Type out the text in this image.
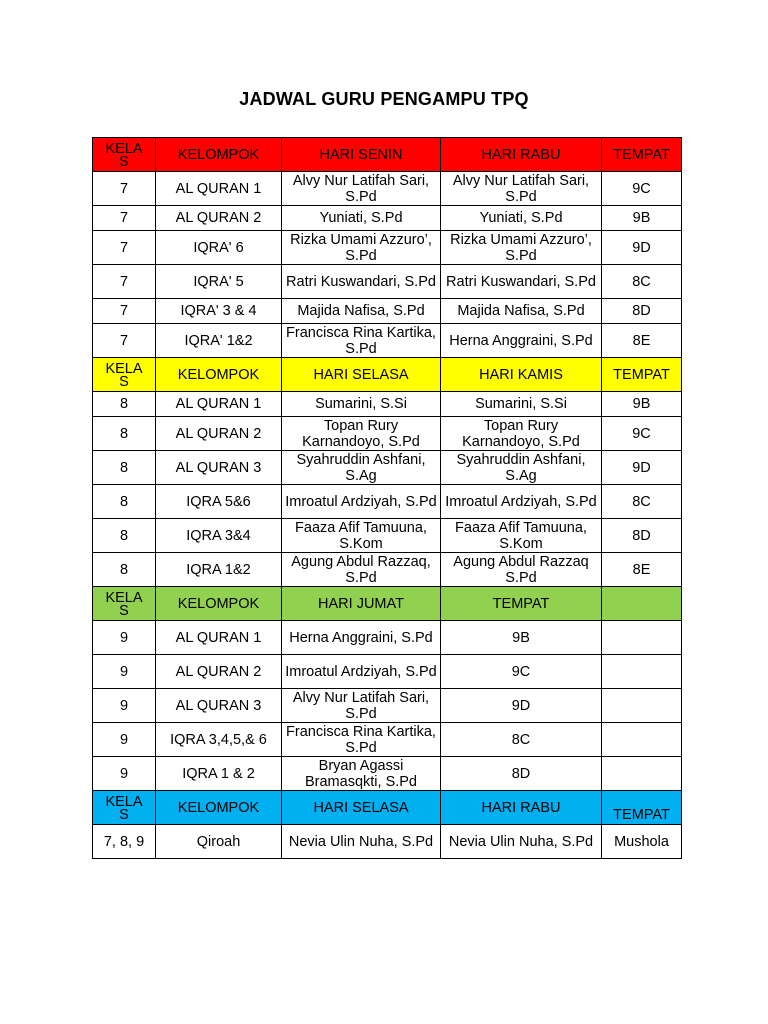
JADWAL GURU PENGAMPU TPQ
KELAS	KELOMPOK	HARI SENIN	HARI RABU	TEMPAT
7	AL QURAN 1	Alvy Nur Latifah Sari, S.Pd	Alvy Nur Latifah Sari, S.Pd	9C
7	AL QURAN 2	Yuniati, S.Pd	Yuniati, S.Pd	9B
7	IQRA' 6	Rizka Umami Azzuro’, S.Pd	Rizka Umami Azzuro’, S.Pd	9D
7	IQRA' 5	Ratri Kuswandari, S.Pd	Ratri Kuswandari, S.Pd	8C
7	IQRA' 3 & 4	Majida Nafisa, S.Pd	Majida Nafisa, S.Pd	8D
7	IQRA' 1&2	Francisca Rina Kartika, S.Pd	Herna Anggraini, S.Pd	8E
KELAS	KELOMPOK	HARI SELASA	HARI KAMIS	TEMPAT
8	AL QURAN 1	Sumarini, S.Si	Sumarini, S.Si	9B
8	AL QURAN 2	Topan Rury Karnandoyo, S.Pd	Topan Rury Karnandoyo, S.Pd	9C
8	AL QURAN 3	Syahruddin Ashfani, S.Ag	Syahruddin Ashfani, S.Ag	9D
8	IQRA 5&6	Imroatul Ardziyah, S.Pd	Imroatul Ardziyah, S.Pd	8C
8	IQRA 3&4	Faaza Afif Tamuuna, S.Kom	Faaza Afif Tamuuna, S.Kom	8D
8	IQRA 1&2	Agung Abdul Razzaq, S.Pd	Agung Abdul Razzaq S.Pd	8E
KELAS	KELOMPOK	HARI JUMAT	TEMPAT	
9	AL QURAN 1	Herna Anggraini, S.Pd	9B	
9	AL QURAN 2	Imroatul Ardziyah, S.Pd	9C	
9	AL QURAN 3	Alvy Nur Latifah Sari, S.Pd	9D	
9	IQRA 3,4,5,& 6	Francisca Rina Kartika, S.Pd	8C	
9	IQRA 1 & 2	Bryan Agassi Bramasqkti, S.Pd	8D	
KELAS	KELOMPOK	HARI SELASA	HARI RABU	TEMPAT
7, 8, 9	Qiroah	Nevia Ulin Nuha, S.Pd	Nevia Ulin Nuha, S.Pd	Mushola
